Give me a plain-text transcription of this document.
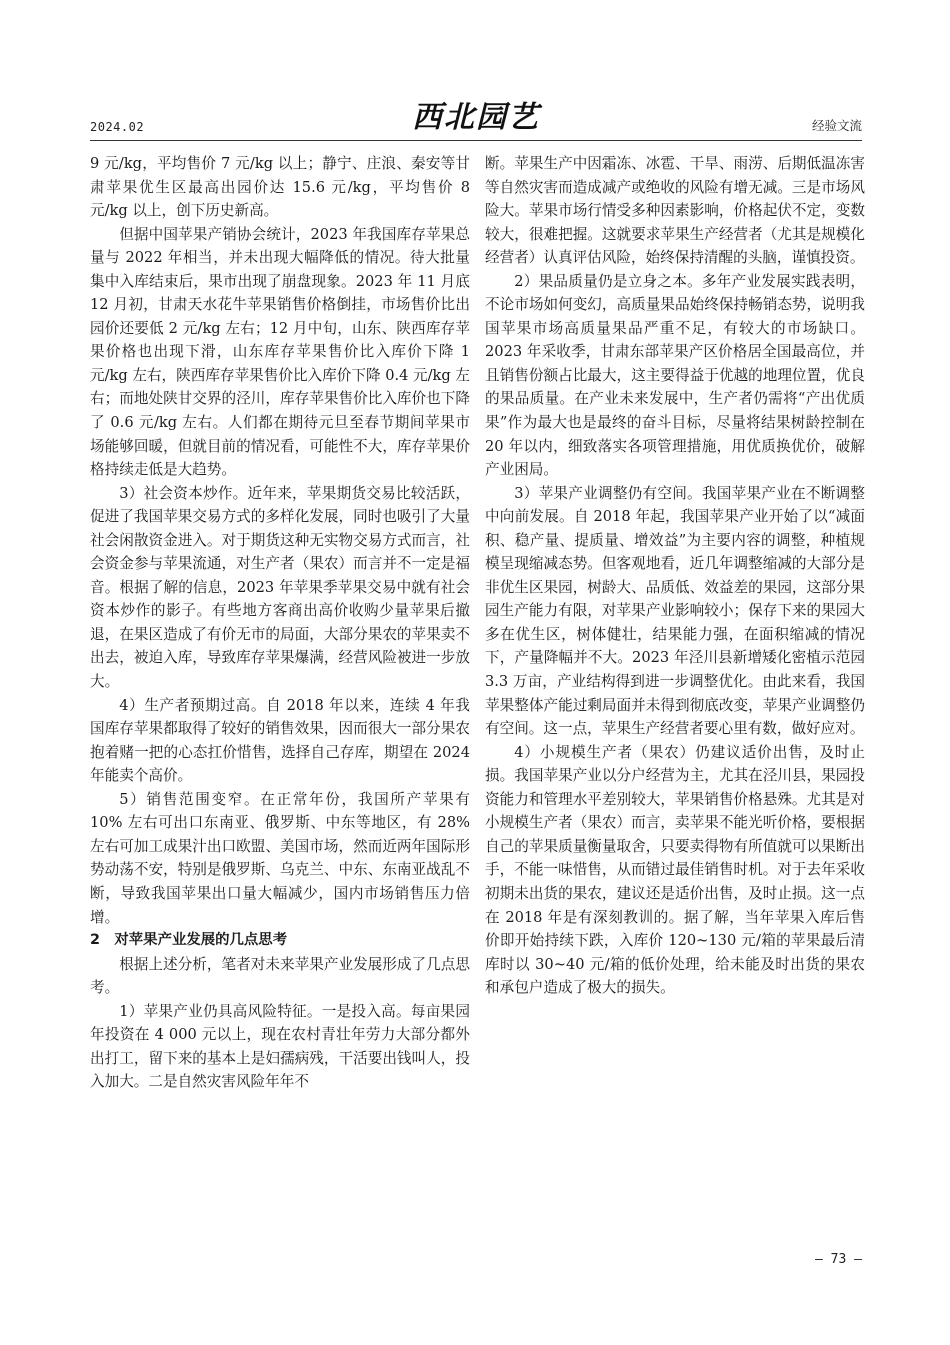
2024.02	西北园艺	经验文流

9 元/kg，平均售价 7 元/kg 以上；静宁、庄浪、秦安等甘肃苹果优生区最高出园价达 15.6 元/kg，平均售价 8 元/kg 以上，创下历史新高。

但据中国苹果产销协会统计，2023 年我国库存苹果总量与 2022 年相当，并未出现大幅降低的情况。待大批量集中入库结束后，果市出现了崩盘现象。2023 年 11 月底 12 月初，甘肃天水花牛苹果销售价格倒挂，市场售价比出园价还要低 2 元/kg 左右；12 月中旬，山东、陕西库存苹果价格也出现下滑，山东库存苹果售价比入库价下降 1 元/kg 左右，陕西库存苹果售价比入库价下降 0.4 元/kg 左右；而地处陕甘交界的泾川，库存苹果售价比入库价也下降了 0.6 元/kg 左右。人们都在期待元旦至春节期间苹果市场能够回暖，但就目前的情况看，可能性不大，库存苹果价格持续走低是大趋势。

3）社会资本炒作。近年来，苹果期货交易比较活跃，促进了我国苹果交易方式的多样化发展，同时也吸引了大量社会闲散资金进入。对于期货这种无实物交易方式而言，社会资金参与苹果流通，对生产者（果农）而言并不一定是福音。根据了解的信息，2023 年苹果季苹果交易中就有社会资本炒作的影子。有些地方客商出高价收购少量苹果后撤退，在果区造成了有价无市的局面，大部分果农的苹果卖不出去，被迫入库，导致库存苹果爆满，经营风险被进一步放大。

4）生产者预期过高。自 2018 年以来，连续 4 年我国库存苹果都取得了较好的销售效果，因而很大一部分果农抱着赌一把的心态扛价惜售，选择自己存库，期望在 2024 年能卖个高价。

5）销售范围变窄。在正常年份，我国所产苹果有 10% 左右可出口东南亚、俄罗斯、中东等地区，有 28% 左右可加工成果汁出口欧盟、美国市场，然而近两年国际形势动荡不安，特别是俄罗斯、乌克兰、中东、东南亚战乱不断，导致我国苹果出口量大幅减少，国内市场销售压力倍增。

2　对苹果产业发展的几点思考

根据上述分析，笔者对未来苹果产业发展形成了几点思考。

1）苹果产业仍具高风险特征。一是投入高。每亩果园年投资在 4 000 元以上，现在农村青壮年劳力大部分都外出打工，留下来的基本上是妇孺病残，干活要出钱叫人，投入加大。二是自然灾害风险年年不

断。苹果生产中因霜冻、冰雹、干旱、雨涝、后期低温冻害等自然灾害而造成减产或绝收的风险有增无减。三是市场风险大。苹果市场行情受多种因素影响，价格起伏不定，变数较大，很难把握。这就要求苹果生产经营者（尤其是规模化经营者）认真评估风险，始终保持清醒的头脑，谨慎投资。

2）果品质量仍是立身之本。多年产业发展实践表明，不论市场如何变幻，高质量果品始终保持畅销态势，说明我国苹果市场高质量果品严重不足，有较大的市场缺口。2023 年采收季，甘肃东部苹果产区价格居全国最高位，并且销售份额占比最大，这主要得益于优越的地理位置，优良的果品质量。在产业未来发展中，生产者仍需将“产出优质果”作为最大也是最终的奋斗目标，尽量将结果树龄控制在 20 年以内，细致落实各项管理措施，用优质换优价，破解产业困局。

3）苹果产业调整仍有空间。我国苹果产业在不断调整中向前发展。自 2018 年起，我国苹果产业开始了以“减面积、稳产量、提质量、增效益”为主要内容的调整，种植规模呈现缩减态势。但客观地看，近几年调整缩减的大部分是非优生区果园，树龄大、品质低、效益差的果园，这部分果园生产能力有限，对苹果产业影响较小；保存下来的果园大多在优生区，树体健壮，结果能力强，在面积缩减的情况下，产量降幅并不大。2023 年泾川县新增矮化密植示范园 3.3 万亩，产业结构得到进一步调整优化。由此来看，我国苹果整体产能过剩局面并未得到彻底改变，苹果产业调整仍有空间。这一点，苹果生产经营者要心里有数，做好应对。

4）小规模生产者（果农）仍建议适价出售，及时止损。我国苹果产业以分户经营为主，尤其在泾川县，果园投资能力和管理水平差别较大，苹果销售价格悬殊。尤其是对小规模生产者（果农）而言，卖苹果不能光听价格，要根据自己的苹果质量衡量取舍，只要卖得物有所值就可以果断出手，不能一味惜售，从而错过最佳销售时机。对于去年采收初期未出货的果农，建议还是适价出售，及时止损。这一点在 2018 年是有深刻教训的。据了解，当年苹果入库后售价即开始持续下跌，入库价 120~130 元/箱的苹果最后清库时以 30~40 元/箱的低价处理，给未能及时出货的果农和承包户造成了极大的损失。

— 73 —
